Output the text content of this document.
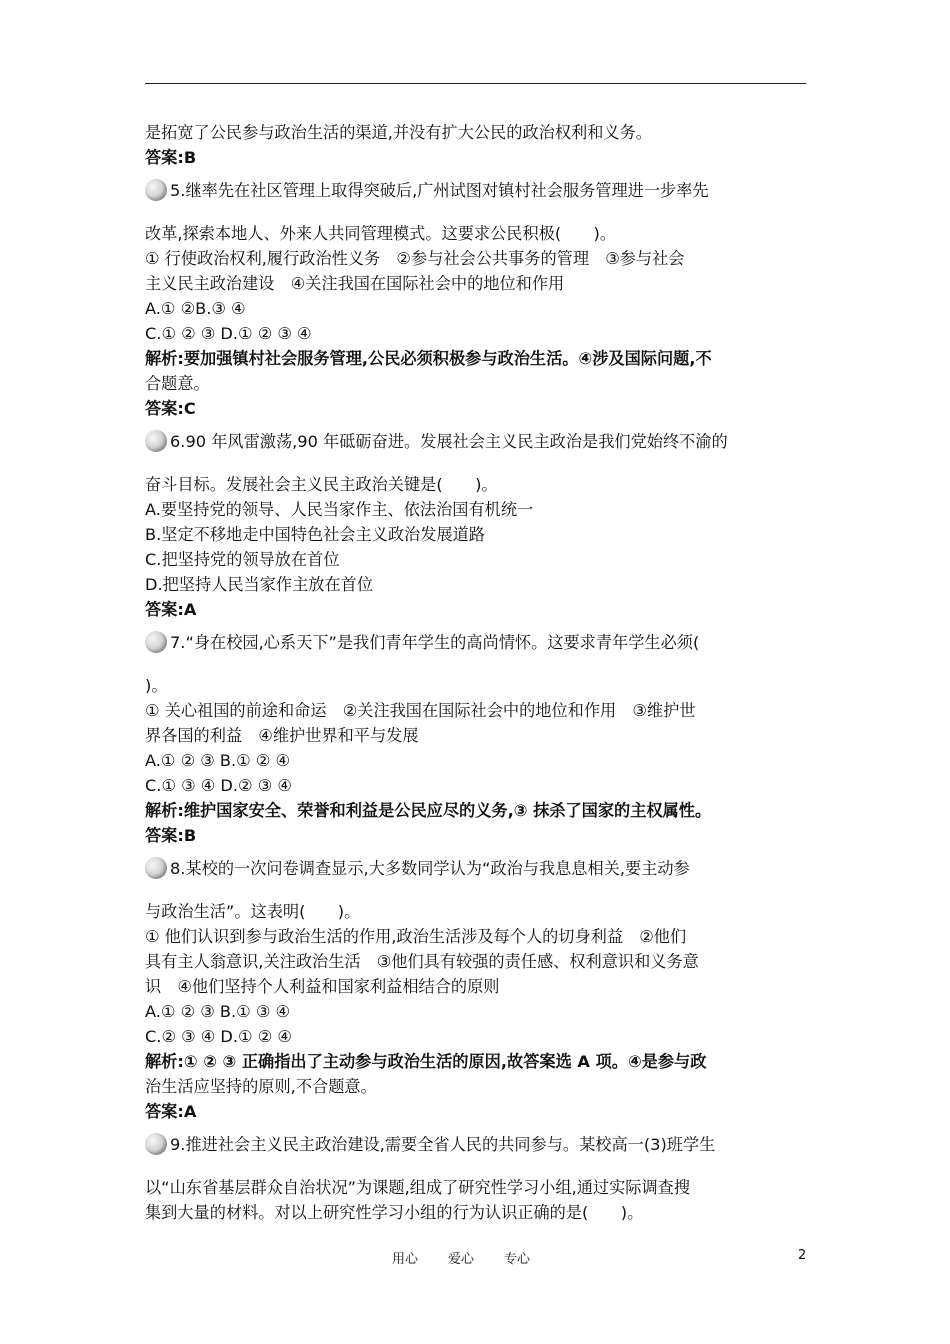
是拓宽了公民参与政治生活的渠道,并没有扩大公民的政治权利和义务。
答案:B
5.继率先在社区管理上取得突破后,广州试图对镇村社会服务管理进一步率先
改革,探索本地人、外来人共同管理模式。这要求公民积极(　　)。
① 行使政治权利,履行政治性义务　②参与社会公共事务的管理　③参与社会
主义民主政治建设　④关注我国在国际社会中的地位和作用
A.① ②B.③ ④
C.① ② ③ D.① ② ③ ④
解析:要加强镇村社会服务管理,公民必须积极参与政治生活。④涉及国际问题,不
合题意。
答案:C
6.90 年风雷激荡,90 年砥砺奋进。发展社会主义民主政治是我们党始终不渝的
奋斗目标。发展社会主义民主政治关键是(　　)。
A.要坚持党的领导、人民当家作主、依法治国有机统一
B.坚定不移地走中国特色社会主义政治发展道路
C.把坚持党的领导放在首位
D.把坚持人民当家作主放在首位
答案:A
7.“身在校园,心系天下”是我们青年学生的高尚情怀。这要求青年学生必须(
)。
① 关心祖国的前途和命运　②关注我国在国际社会中的地位和作用　③维护世
界各国的利益　④维护世界和平与发展
A.① ② ③ B.① ② ④
C.① ③ ④ D.② ③ ④
解析:维护国家安全、荣誉和利益是公民应尽的义务,③ 抹杀了国家的主权属性。
答案:B
8.某校的一次问卷调查显示,大多数同学认为“政治与我息息相关,要主动参
与政治生活”。这表明(　　)。
① 他们认识到参与政治生活的作用,政治生活涉及每个人的切身利益　②他们
具有主人翁意识,关注政治生活　③他们具有较强的责任感、权利意识和义务意
识　④他们坚持个人利益和国家利益相结合的原则
A.① ② ③ B.① ③ ④
C.② ③ ④ D.① ② ④
解析:① ② ③ 正确指出了主动参与政治生活的原因,故答案选 A 项。④是参与政
治生活应坚持的原则,不合题意。
答案:A
9.推进社会主义民主政治建设,需要全省人民的共同参与。某校高一(3)班学生
以“山东省基层群众自治状况”为课题,组成了研究性学习小组,通过实际调查搜
集到大量的材料。对以上研究性学习小组的行为认识正确的是(　　)。
用心 爱心 专心	2
